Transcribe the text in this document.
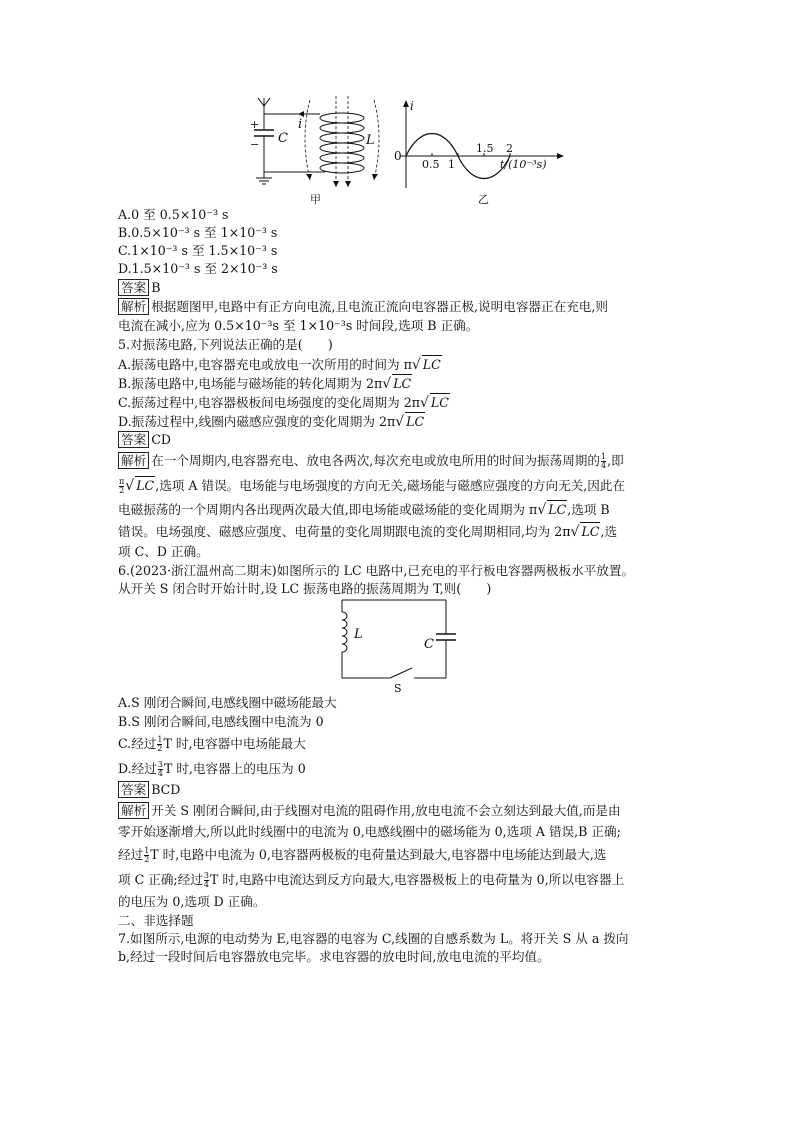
i
C
+
−	L
甲
i
0
0.5 1
1.5 2
t/(10⁻³s)
乙
A.0 至 0.5×10⁻³ s
B.0.5×10⁻³ s 至 1×10⁻³ s
C.1×10⁻³ s 至 1.5×10⁻³ s
D.1.5×10⁻³ s 至 2×10⁻³ s
答案 B
解析 根据题图甲,电路中有正方向电流,且电流正流向电容器正极,说明电容器正在充电,则
电流在减小,应为 0.5×10⁻³s 至 1×10⁻³s 时间段,选项 B 正确。
5.对振荡电路,下列说法正确的是(　　)
A.振荡电路中,电容器充电或放电一次所用的时间为 π√ LC
B.振荡电路中,电场能与磁场能的转化周期为 2π√ LC
C.振荡过程中,电容器极板间电场强度的变化周期为 2π√ LC
D.振荡过程中,线圈内磁感应强度的变化周期为 2π√ LC
答案 CD
解析 在一个周期内,电容器充电、放电各两次,每次充电或放电所用的时间为振荡周期的 $\frac{1}{4}$ ,即
$\frac{\pi}{2}$ √ LC,选项 A 错误。电场能与电场强度的方向无关,磁场能与磁感应强度的方向无关,因此在
电磁振荡的一个周期内各出现两次最大值,即电场能或磁场能的变化周期为 π√ LC,选项 B
错误。电场强度、磁感应强度、电荷量的变化周期跟电流的变化周期相同,均为 2π√ LC,选
项 C、D 正确。
6.(2023·浙江温州高二期末)如图所示的 LC 电路中,已充电的平行板电容器两极板水平放置。
从开关 S 闭合时开始计时,设 LC 振荡电路的振荡周期为 T,则(　　)
L
C
S
A.S 刚闭合瞬间,电感线圈中磁场能最大
B.S 刚闭合瞬间,电感线圈中电流为 0
C.经过 $\frac{1}{2}$ T 时,电容器中电场能最大
D.经过 $\frac{3}{4}$ T 时,电容器上的电压为 0
答案 BCD
解析 开关 S 刚闭合瞬间,由于线圈对电流的阻碍作用,放电电流不会立刻达到最大值,而是由
零开始逐渐增大,所以此时线圈中的电流为 0,电感线圈中的磁场能为 0,选项 A 错误,B 正确;
经过 $\frac{1}{2}$ T 时,电路中电流为 0,电容器两极板的电荷量达到最大,电容器中电场能达到最大,选
项 C 正确;经过 $\frac{3}{4}$ T 时,电路中电流达到反方向最大,电容器极板上的电荷量为 0,所以电容器上
的电压为 0,选项 D 正确。
二、非选择题
7.如图所示,电源的电动势为 E,电容器的电容为 C,线圈的自感系数为 L。将开关 S 从 a 拨向
b,经过一段时间后电容器放电完毕。求电容器的放电时间,放电电流的平均值。
